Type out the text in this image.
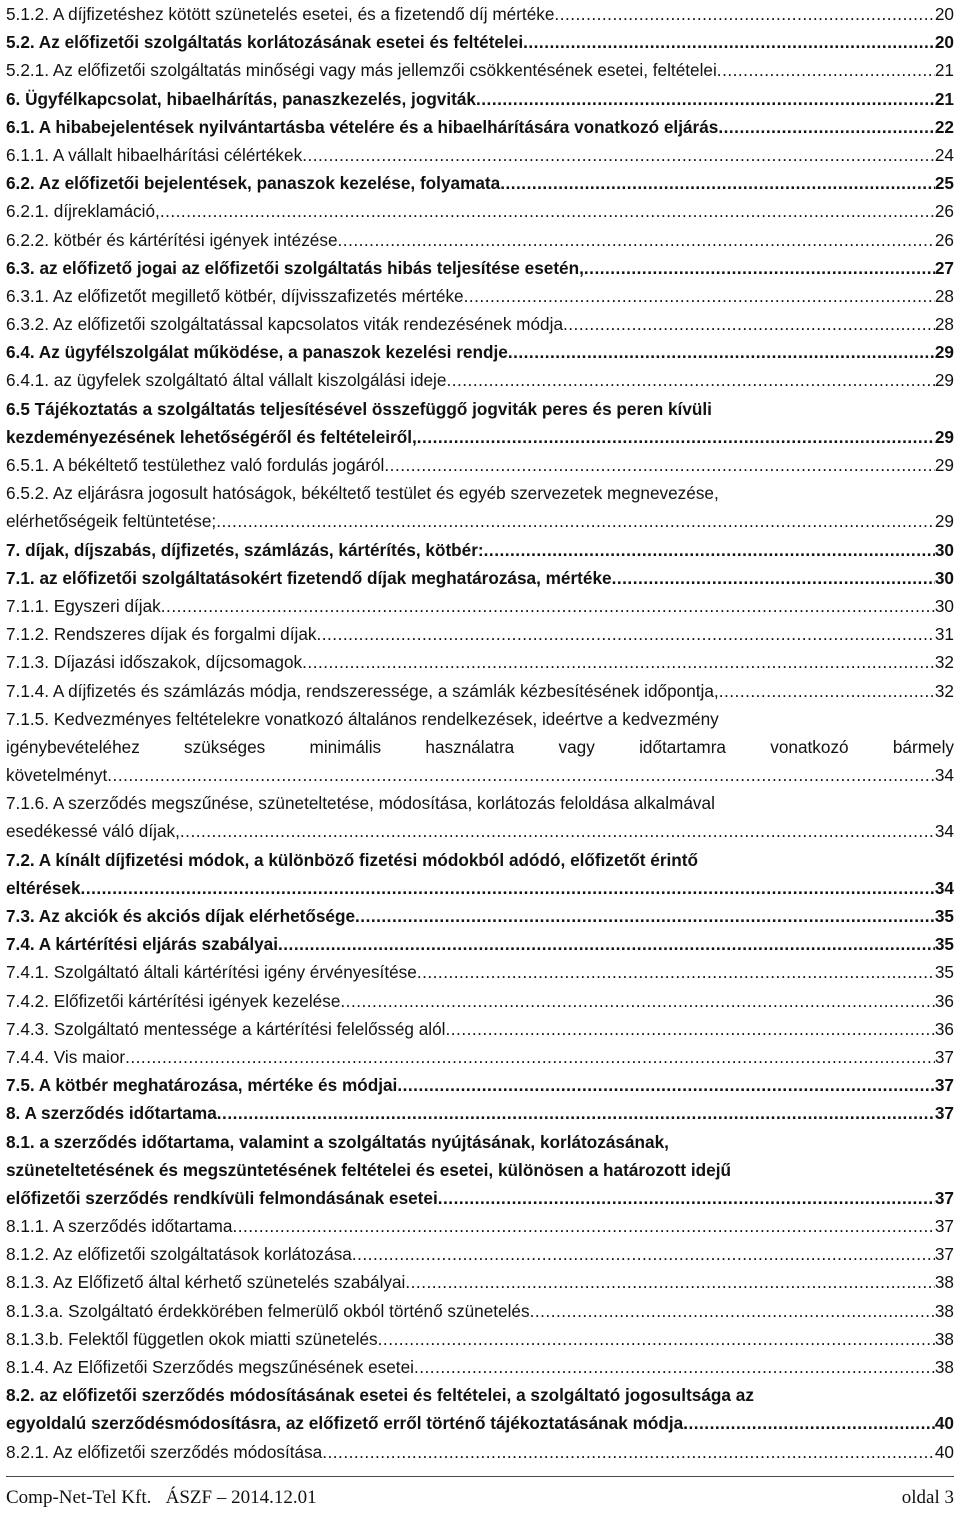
5.1.2. A díjfizetéshez kötött szünetelés esetei, és a fizetendő díj mértéke .....	20
5.2. Az előfizetői szolgáltatás korlátozásának esetei és feltételei .....	20
5.2.1. Az előfizetői szolgáltatás minőségi vagy más jellemzői csökkentésének esetei, feltételei .....	21
6. Ügyfélkapcsolat, hibaelhárítás, panaszkezelés, jogviták .....	21
6.1. A hibabejelentések nyilvántartásba vételére és a hibaelhárítására vonatkozó eljárás .....	22
6.1.1. A vállalt hibaelhárítási célértékek .....	24
6.2. Az előfizetői bejelentések, panaszok kezelése, folyamata .....	25
6.2.1. díjreklamáció, .....	26
6.2.2. kötbér és kártérítési igények intézése .....	26
6.3. az előfizető jogai az előfizetői szolgáltatás hibás teljesítése esetén, .....	27
6.3.1. Az előfizetőt megillető kötbér, díjvisszafizetés mértéke .....	28
6.3.2. Az előfizetői szolgáltatással kapcsolatos viták rendezésének módja .....	28
6.4. Az ügyfélszolgálat működése, a panaszok kezelési rendje .....	29
6.4.1. az ügyfelek szolgáltató által vállalt kiszolgálási ideje .....	29
6.5 Tájékoztatás a szolgáltatás teljesítésével összefüggő jogviták peres és peren kívüli
kezdeményezésének lehetőségéről és feltételeiről, .....	29
6.5.1. A békéltető testülethez való fordulás jogáról .....	29
6.5.2. Az eljárásra jogosult hatóságok, békéltető testület és egyéb szervezetek megnevezése,
elérhetőségeik feltüntetése; .....	29
7. díjak, díjszabás, díjfizetés, számlázás, kártérítés, kötbér: .....	30
7.1. az előfizetői szolgáltatásokért fizetendő díjak meghatározása, mértéke .....	30
7.1.1. Egyszeri díjak .....	30
7.1.2. Rendszeres díjak és forgalmi díjak .....	31
7.1.3. Díjazási időszakok, díjcsomagok .....	32
7.1.4. A díjfizetés és számlázás módja, rendszeressége, a számlák kézbesítésének időpontja, .....	32
7.1.5. Kedvezményes feltételekre vonatkozó általános rendelkezések, ideértve a kedvezmény
igénybevételéhez szükséges minimális használatra vagy időtartamra vonatkozó bármely
követelményt .....	34
7.1.6. A szerződés megszűnése, szüneteltetése, módosítása, korlátozás feloldása alkalmával
esedékessé váló díjak, .....	34
7.2. A kínált díjfizetési módok, a különböző fizetési módokból adódó, előfizetőt érintő
eltérések .....	34
7.3. Az akciók és akciós díjak elérhetősége .....	35
7.4. A kártérítési eljárás szabályai .....	35
7.4.1. Szolgáltató általi kártérítési igény érvényesítése .....	35
7.4.2. Előfizetői kártérítési igények kezelése .....	36
7.4.3. Szolgáltató mentessége a kártérítési felelősség alól .....	36
7.4.4. Vis maior .....	37
7.5. A kötbér meghatározása, mértéke és módjai .....	37
8. A szerződés időtartama .....	37
8.1. a szerződés időtartama, valamint a szolgáltatás nyújtásának, korlátozásának,
szüneteltetésének és megszüntetésének feltételei és esetei, különösen a határozott idejű
előfizetői szerződés rendkívüli felmondásának esetei .....	37
8.1.1. A szerződés időtartama .....	37
8.1.2. Az előfizetői szolgáltatások korlátozása .....	37
8.1.3. Az Előfizető által kérhető szünetelés szabályai .....	38
8.1.3.a. Szolgáltató érdekkörében felmerülő okból történő szünetelés .....	38
8.1.3.b. Felektől független okok miatti szünetelés .....	38
8.1.4. Az Előfizetői Szerződés megszűnésének esetei .....	38
8.2. az előfizetői szerződés módosításának esetei és feltételei, a szolgáltató jogosultsága az
egyoldalú szerződésmódosításra, az előfizető erről történő tájékoztatásának módja .....	40
8.2.1. Az előfizetői szerződés módosítása .....	40
Comp-Net-Tel Kft.   ÁSZF – 2014.12.01	oldal 3
